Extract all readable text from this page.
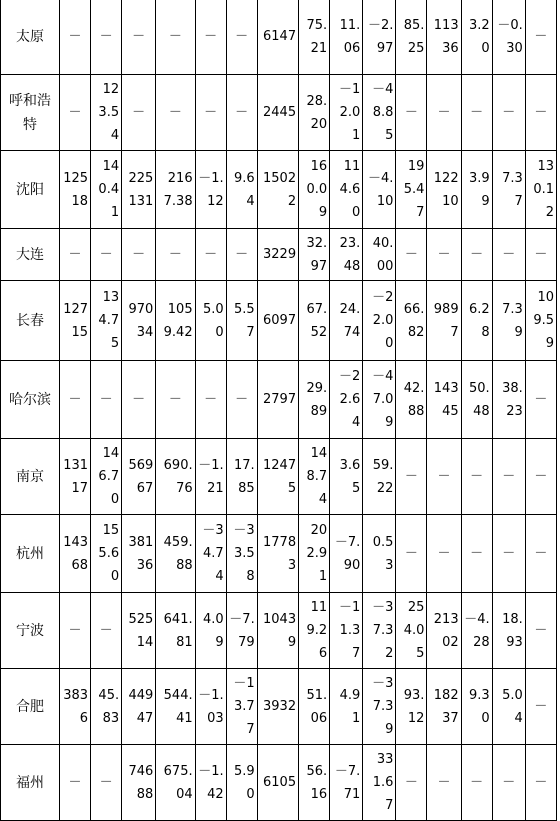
太原	－	－	－	－	－	－	6147	75.21	11.06	－2.97	85.25	11336	3.20	－0.30	－
呼和浩特	－	123.54	－	－	－	－	2445	28.20	－12.01	－48.85	－	－	－	－	－
沈阳	12518	140.41	225131	2167.38	－1.12	9.64	15022	160.09	114.60	－4.10	195.47	12210	3.99	7.37	130.12
大连	－	－	－	－	－	－	3229	32.97	23.48	40.00	－	－	－	－	－
长春	12715	134.75	97034	1059.42	5.00	5.57	6097	67.52	24.74	－22.00	66.82	9897	6.28	7.39	109.59
哈尔滨	－	－	－	－	－	－	2797	29.89	－22.64	－47.09	42.88	14345	50.48	38.23	－
南京	13117	146.70	56967	690.76	－1.21	17.85	12475	148.74	3.65	59.22	－	－	－	－	－
杭州	14368	155.60	38136	459.88	－34.74	－33.58	17783	202.91	－7.90	0.53	－	－	－	－	－
宁波	－	－	52514	641.81	4.09	－7.79	10439	119.26	－11.37	－37.32	254.05	21302	－4.28	18.93	－
合肥	3836	45.83	44947	544.41	－1.03	－13.77	3932	51.06	4.91	－37.39	93.12	18237	9.30	5.04	－
福州	－	－	74688	675.04	－1.42	5.90	6105	56.16	－7.71	331.67	－	－	－	－	－
